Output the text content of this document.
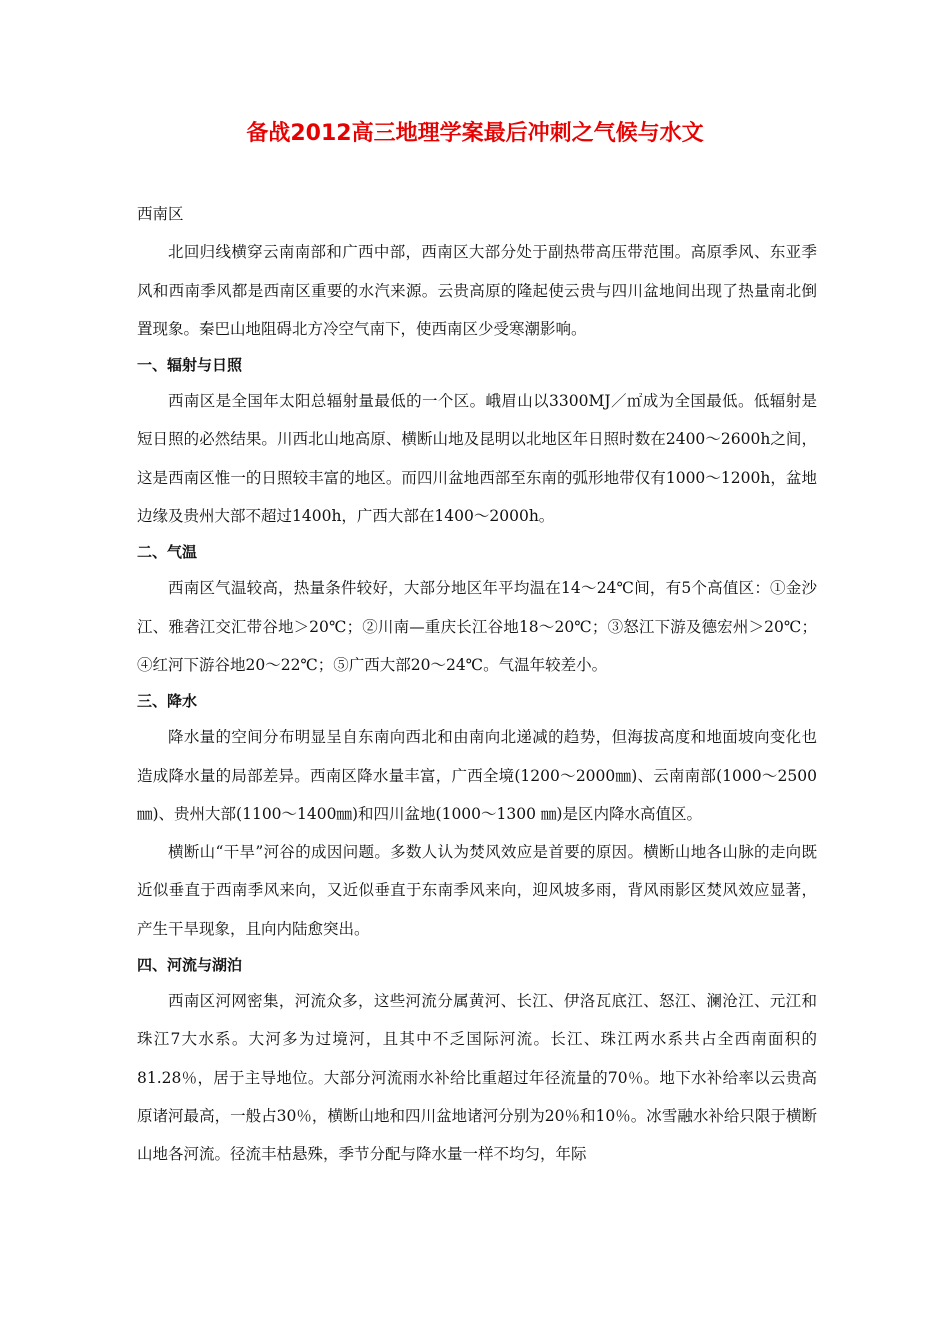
备战2012高三地理学案最后冲刺之气候与水文

西南区

北回归线横穿云南南部和广西中部，西南区大部分处于副热带高压带范围。高原季风、东亚季风和西南季风都是西南区重要的水汽来源。云贵高原的隆起使云贵与四川盆地间出现了热量南北倒置现象。秦巴山地阻碍北方冷空气南下，使西南区少受寒潮影响。

一、辐射与日照

西南区是全国年太阳总辐射量最低的一个区。峨眉山以3300MJ／㎡成为全国最低。低辐射是短日照的必然结果。川西北山地高原、横断山地及昆明以北地区年日照时数在2400～2600h之间，这是西南区惟一的日照较丰富的地区。而四川盆地西部至东南的弧形地带仅有1000～1200h，盆地边缘及贵州大部不超过1400h，广西大部在1400～2000h。

二、气温

西南区气温较高，热量条件较好，大部分地区年平均温在14～24℃间，有5个高值区：①金沙江、雅砻江交汇带谷地＞20℃；②川南—重庆长江谷地18～20℃；③怒江下游及德宏州＞20℃；④红河下游谷地20～22℃；⑤广西大部20～24℃。气温年较差小。

三、降水

降水量的空间分布明显呈自东南向西北和由南向北递减的趋势，但海拔高度和地面坡向变化也造成降水量的局部差异。西南区降水量丰富，广西全境(1200～2000㎜)、云南南部(1000～2500㎜)、贵州大部(1100～1400㎜)和四川盆地(1000～1300 ㎜)是区内降水高值区。

横断山“干旱”河谷的成因问题。多数人认为焚风效应是首要的原因。横断山地各山脉的走向既近似垂直于西南季风来向，又近似垂直于东南季风来向，迎风坡多雨，背风雨影区焚风效应显著，产生干旱现象，且向内陆愈突出。

四、河流与湖泊

西南区河网密集，河流众多，这些河流分属黄河、长江、伊洛瓦底江、怒江、澜沧江、元江和珠江7大水系。大河多为过境河，且其中不乏国际河流。长江、珠江两水系共占全西南面积的81.28％，居于主导地位。大部分河流雨水补给比重超过年径流量的70％。地下水补给率以云贵高原诸河最高，一般占30％，横断山地和四川盆地诸河分别为20％和10％。冰雪融水补给只限于横断山地各河流。径流丰枯悬殊，季节分配与降水量一样不均匀，年际
